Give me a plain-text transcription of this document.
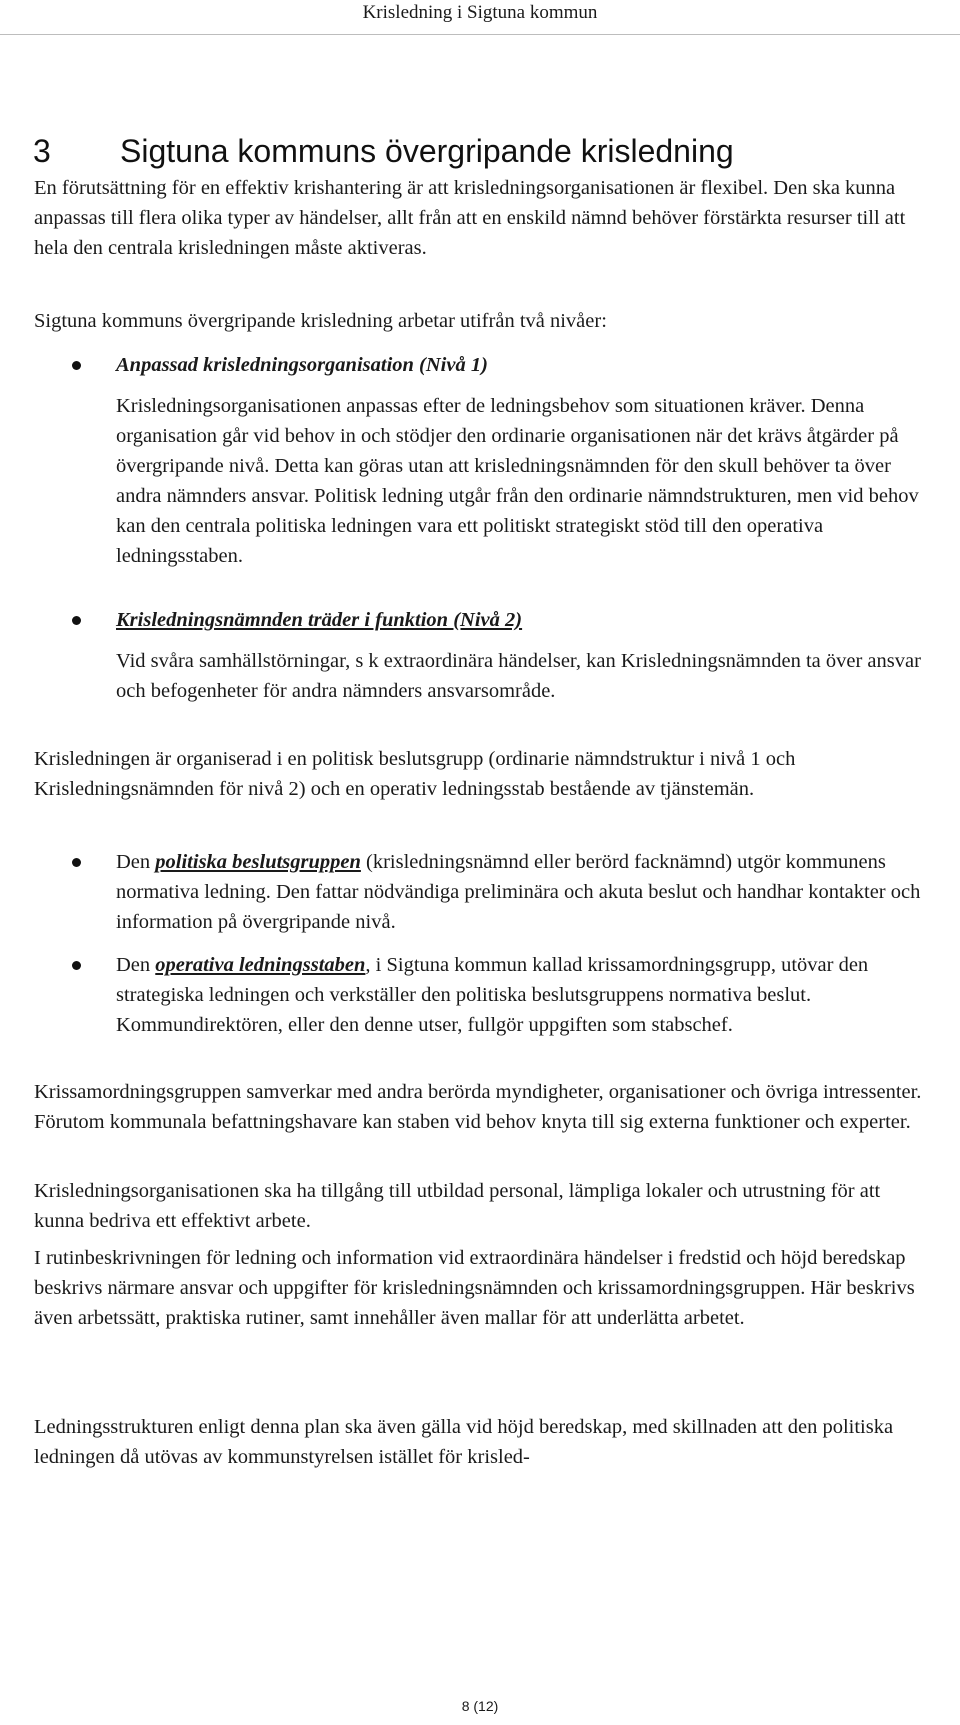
Krisledning i Sigtuna kommun
3 Sigtuna kommuns övergripande krisledning

En förutsättning för en effektiv krishantering är att krisledningsorganisationen är flexibel. Den ska kunna anpassas till flera olika typer av händelser, allt från att en enskild nämnd behöver förstärkta resurser till att hela den centrala krisledningen måste aktiveras.

Sigtuna kommuns övergripande krisledning arbetar utifrån två nivåer:

Anpassad krisledningsorganisation (Nivå 1)

Krisledningsorganisationen anpassas efter de ledningsbehov som situationen kräver. Denna organisation går vid behov in och stödjer den ordinarie organisationen när det krävs åtgärder på övergripande nivå. Detta kan göras utan att krisledningsnämnden för den skull behöver ta över andra nämnders ansvar. Politisk ledning utgår från den ordinarie nämndstrukturen, men vid behov kan den centrala politiska ledningen vara ett politiskt strategiskt stöd till den operativa ledningsstaben.

Krisledningsnämnden träder i funktion (Nivå 2)

Vid svåra samhällstörningar, s k extraordinära händelser, kan Krisledningsnämnden ta över ansvar och befogenheter för andra nämnders ansvarsområde.

Krisledningen är organiserad i en politisk beslutsgrupp (ordinarie nämndstruktur i nivå 1 och Krisledningsnämnden för nivå 2) och en operativ ledningsstab bestående av tjänstemän.

Den politiska beslutsgruppen (krisledningsnämnd eller berörd facknämnd) utgör kommunens normativa ledning. Den fattar nödvändiga preliminära och akuta beslut och handhar kontakter och information på övergripande nivå.

Den operativa ledningsstaben, i Sigtuna kommun kallad krissamordningsgrupp, utövar den strategiska ledningen och verkställer den politiska beslutsgruppens normativa beslut. Kommundirektören, eller den denne utser, fullgör uppgiften som stabschef.

Krissamordningsgruppen samverkar med andra berörda myndigheter, organisationer och övriga intressenter. Förutom kommunala befattningshavare kan staben vid behov knyta till sig externa funktioner och experter.

Krisledningsorganisationen ska ha tillgång till utbildad personal, lämpliga lokaler och utrustning för att kunna bedriva ett effektivt arbete.

I rutinbeskrivningen för ledning och information vid extraordinära händelser i fredstid och höjd beredskap beskrivs närmare ansvar och uppgifter för krisledningsnämnden och krissamordningsgruppen. Här beskrivs även arbetssätt, praktiska rutiner, samt innehåller även mallar för att underlätta arbetet.

Ledningsstrukturen enligt denna plan ska även gälla vid höjd beredskap, med skillnaden att den politiska ledningen då utövas av kommunstyrelsen istället för krisled-

8 (12)
